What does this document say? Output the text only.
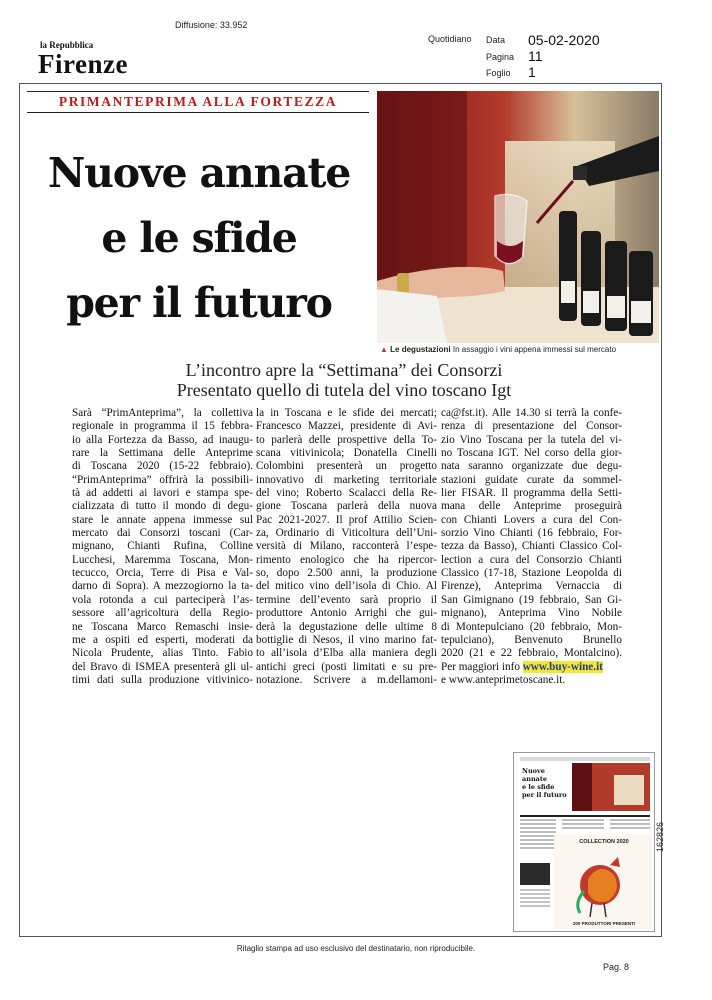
Diffusione: 33.952
la Repubblica
Firenze
Quotidiano Data
Pagina
Foglio
05-02-2020
11
1
PRIMANTEPRIMA ALLA FORTEZZA
Nuove annate
e le sfide
per il futuro
▲ Le degustazioni In assaggio i vini appena immessi sul mercato
L’incontro apre la “Settimana” dei Consorzi
Presentato quello di tutela del vino toscano Igt

Sarà “PrimAnteprima”, la collettiva

regionale in programma il 15 febbra-

io alla Fortezza da Basso, ad inaugu-

rare la Settimana delle Anteprime

di Toscana 2020 (15-22 febbraio).

“PrimAnteprima” offrirà la possibili-

tà ad addetti ai lavori e stampa spe-

cializzata di tutto il mondo di degu-

stare le annate appena immesse sul

mercato dai Consorzi toscani (Car-

mignano, Chianti Rufina, Colline

Lucchesi, Maremma Toscana, Mon-

tecucco, Orcia, Terre di Pisa e Val-

darno di Sopra). A mezzogiorno la ta-

vola rotonda a cui parteciperà l’as-

sessore all’agricoltura della Regio-

ne Toscana Marco Remaschi insie-

me a ospiti ed esperti, moderati da

Nicola Prudente, alias Tinto. Fabio

del Bravo di ISMEA presenterà gli ul-

timi dati sulla produzione vitivinico-

la in Toscana e le sfide dei mercati;

Francesco Mazzei, presidente di Avi-

to parlerà delle prospettive della To-

scana vitivinicola; Donatella Cinelli

Colombini presenterà un progetto

innovativo di marketing territoriale

del vino; Roberto Scalacci della Re-

gione Toscana parlerà della nuova

Pac 2021-2027. Il prof Attilio Scien-

za, Ordinario di Viticoltura dell’Uni-

versità di Milano, racconterà l’espe-

rimento enologico che ha ripercor-

so, dopo 2.500 anni, la produzione

del mitico vino dell’isola di Chio. Al

termine dell’evento sarà proprio il

produttore Antonio Arrighi che gui-

derà la degustazione delle ultime 8

bottiglie di Nesos, il vino marino fat-

to all’isola d’Elba alla maniera degli

antichi greci (posti limitati e su pre-

notazione. Scrivere a m.dellamoni-

ca@fst.it). Alle 14.30 si terrà la confe-

renza di presentazione del Consor-

zio Vino Toscana per la tutela del vi-

no Toscana IGT. Nel corso della gior-

nata saranno organizzate due degu-

stazioni guidate curate da sommel-

lier FISAR. Il programma della Setti-

mana delle Anteprime proseguirà

con Chianti Lovers a cura del Con-

sorzio Vino Chianti (16 febbraio, For-

tezza da Basso), Chianti Classico Col-

lection a cura del Consorzio Chianti

Classico (17-18, Stazione Leopolda di

Firenze), Anteprima Vernaccia di

San Gimignano (19 febbraio, San Gi-

mignano), Anteprima Vino Nobile

di Montepulciano (20 febbraio, Mon-

tepulciano), Benvenuto Brunello

2020 (21 e 22 febbraio, Montalcino).

Per maggiori info www.buy-wine.it

e www.anteprimetoscane.it.

Nuove annate
e le sfide
per il futuro
COLLECTION 2020
200 PRODUTTORI PRESENTI
162826
Ritaglio stampa ad uso esclusivo del destinatario, non riproducibile.
Pag. 8
